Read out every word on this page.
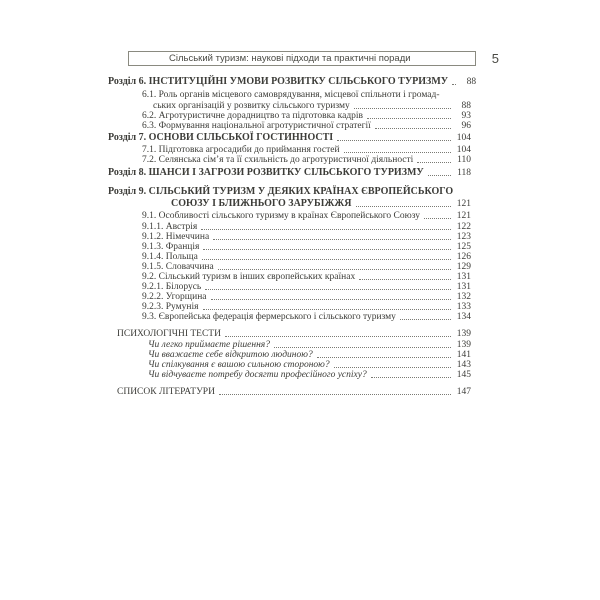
Сільський туризм: наукові підходи та практичні поради	5
Розділ 6. ІНСТИТУЦІЙНІ УМОВИ РОЗВИТКУ СІЛЬСЬКОГО ТУРИЗМУ	88
6.1. Роль органів місцевого самоврядування, місцевої спільноти і громад-
ських організацій у розвитку сільського туризму	88
6.2. Агротуристичне дорадництво та підготовка кадрів	93
6.3. Формування національної агротуристичної стратегії	96
Розділ 7. ОСНОВИ СІЛЬСЬКОЇ ГОСТИННОСТІ	104
7.1. Підготовка агросадиби до приймання гостей	104
7.2. Селянська сім’я та її схильність до агротуристичної діяльності	110
Розділ 8. ШАНСИ І ЗАГРОЗИ РОЗВИТКУ СІЛЬСЬКОГО ТУРИЗМУ	118
Розділ 9. СІЛЬСЬКИЙ ТУРИЗМ У ДЕЯКИХ КРАЇНАХ ЄВРОПЕЙСЬКОГО
СОЮЗУ І БЛИЖНЬОГО ЗАРУБІЖЖЯ	121
9.1. Особливості сільського туризму в країнах Європейського Союзу	121
9.1.1. Австрія	122
9.1.2. Німеччина	123
9.1.3. Франція	125
9.1.4. Польща	126
9.1.5. Словаччина	129
9.2. Сільський туризм в інших європейських країнах	131
9.2.1. Білорусь	131
9.2.2. Угорщина	132
9.2.3. Румунія	133
9.3. Європейська федерація фермерського і сільського туризму	134
ПСИХОЛОГІЧНІ ТЕСТИ	139
Чи легко приймаєте рішення?	139
Чи вважаєте себе відкритою людиною?	141
Чи спілкування є вашою сильною стороною?	143
Чи відчуваєте потребу досягти професійного успіху?	145
СПИСОК ЛІТЕРАТУРИ	147
